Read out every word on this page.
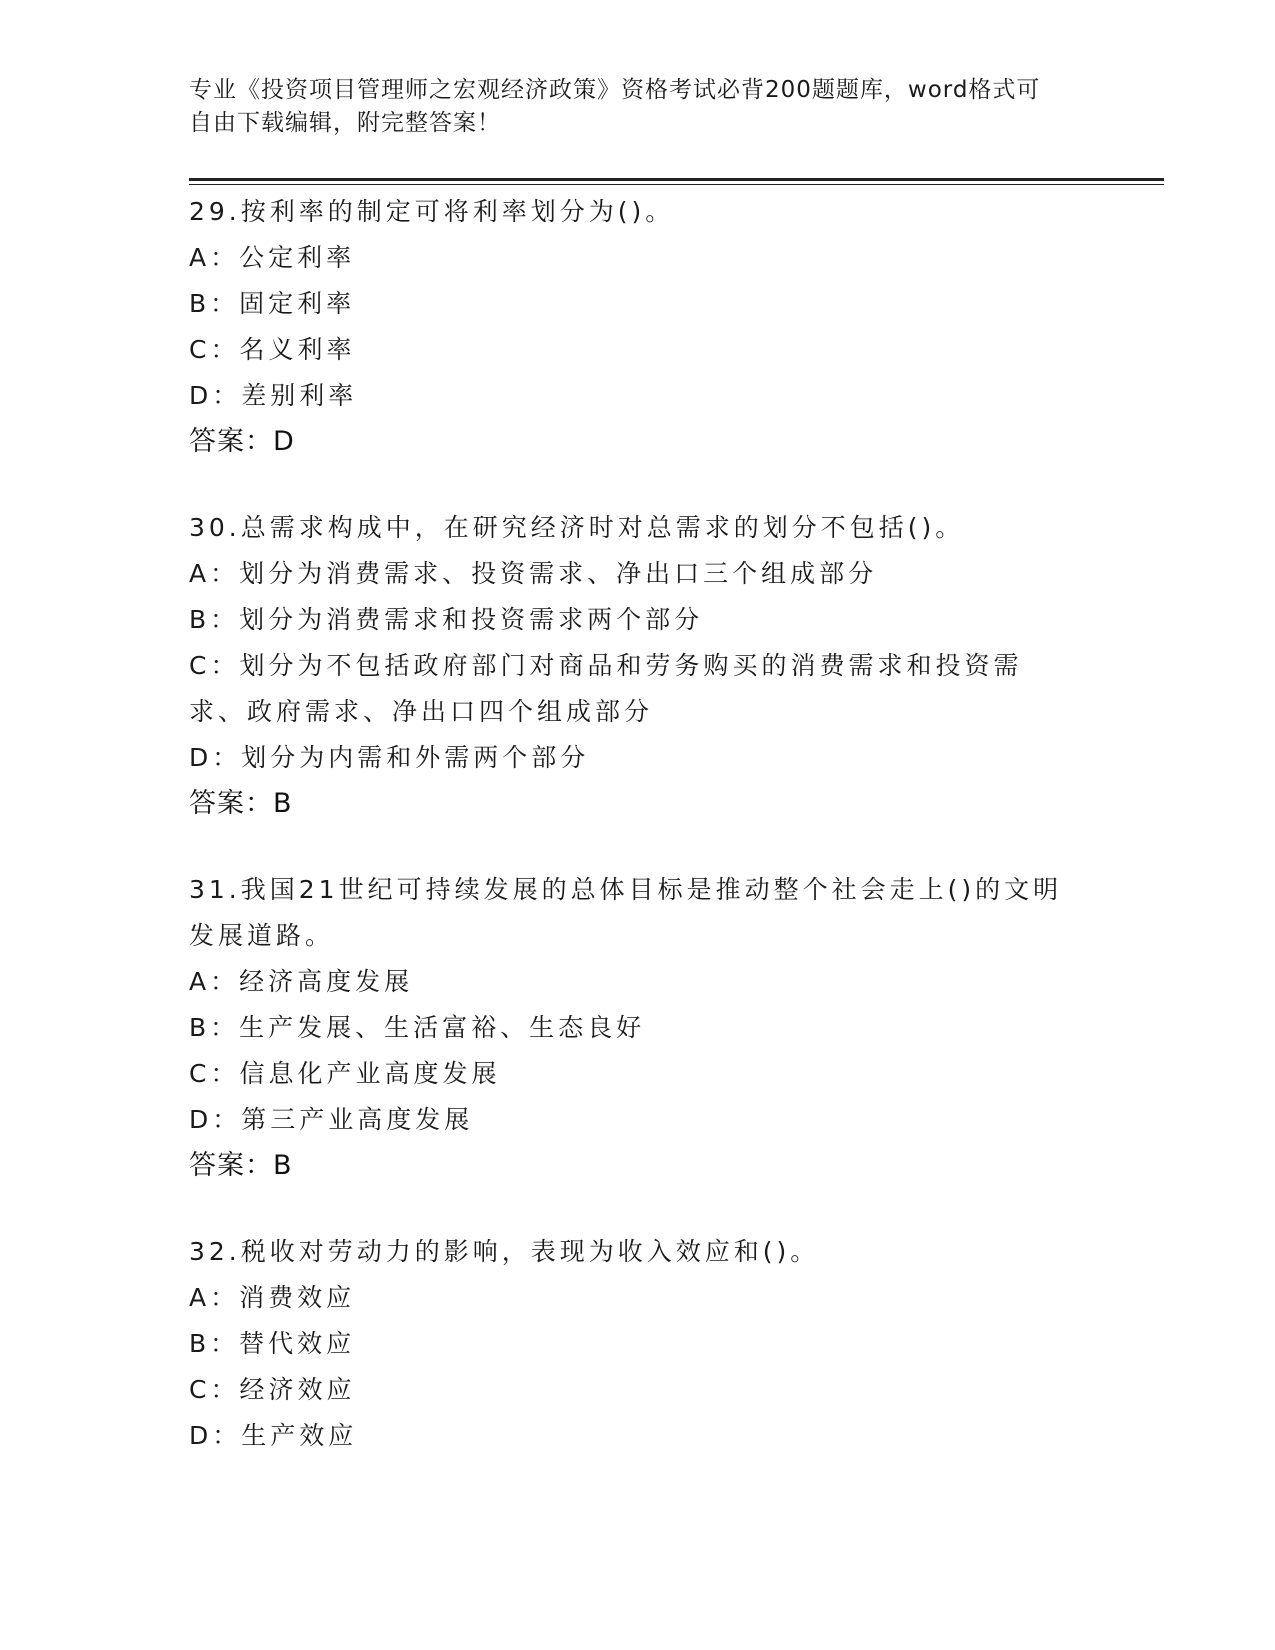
专业《投资项目管理师之宏观经济政策》资格考试必背200题题库，word格式可
自由下载编辑，附完整答案！
29.按利率的制定可将利率划分为()。
A：公定利率
B：固定利率
C：名义利率
D：差别利率
答案：D
30.总需求构成中，在研究经济时对总需求的划分不包括()。
A：划分为消费需求、投资需求、净出口三个组成部分
B：划分为消费需求和投资需求两个部分
C：划分为不包括政府部门对商品和劳务购买的消费需求和投资需求、政府需求、净出口四个组成部分
D：划分为内需和外需两个部分
答案：B
31.我国21世纪可持续发展的总体目标是推动整个社会走上()的文明发展道路。
A：经济高度发展
B：生产发展、生活富裕、生态良好
C：信息化产业高度发展
D：第三产业高度发展
答案：B
32.税收对劳动力的影响，表现为收入效应和()。
A：消费效应
B：替代效应
C：经济效应
D：生产效应
